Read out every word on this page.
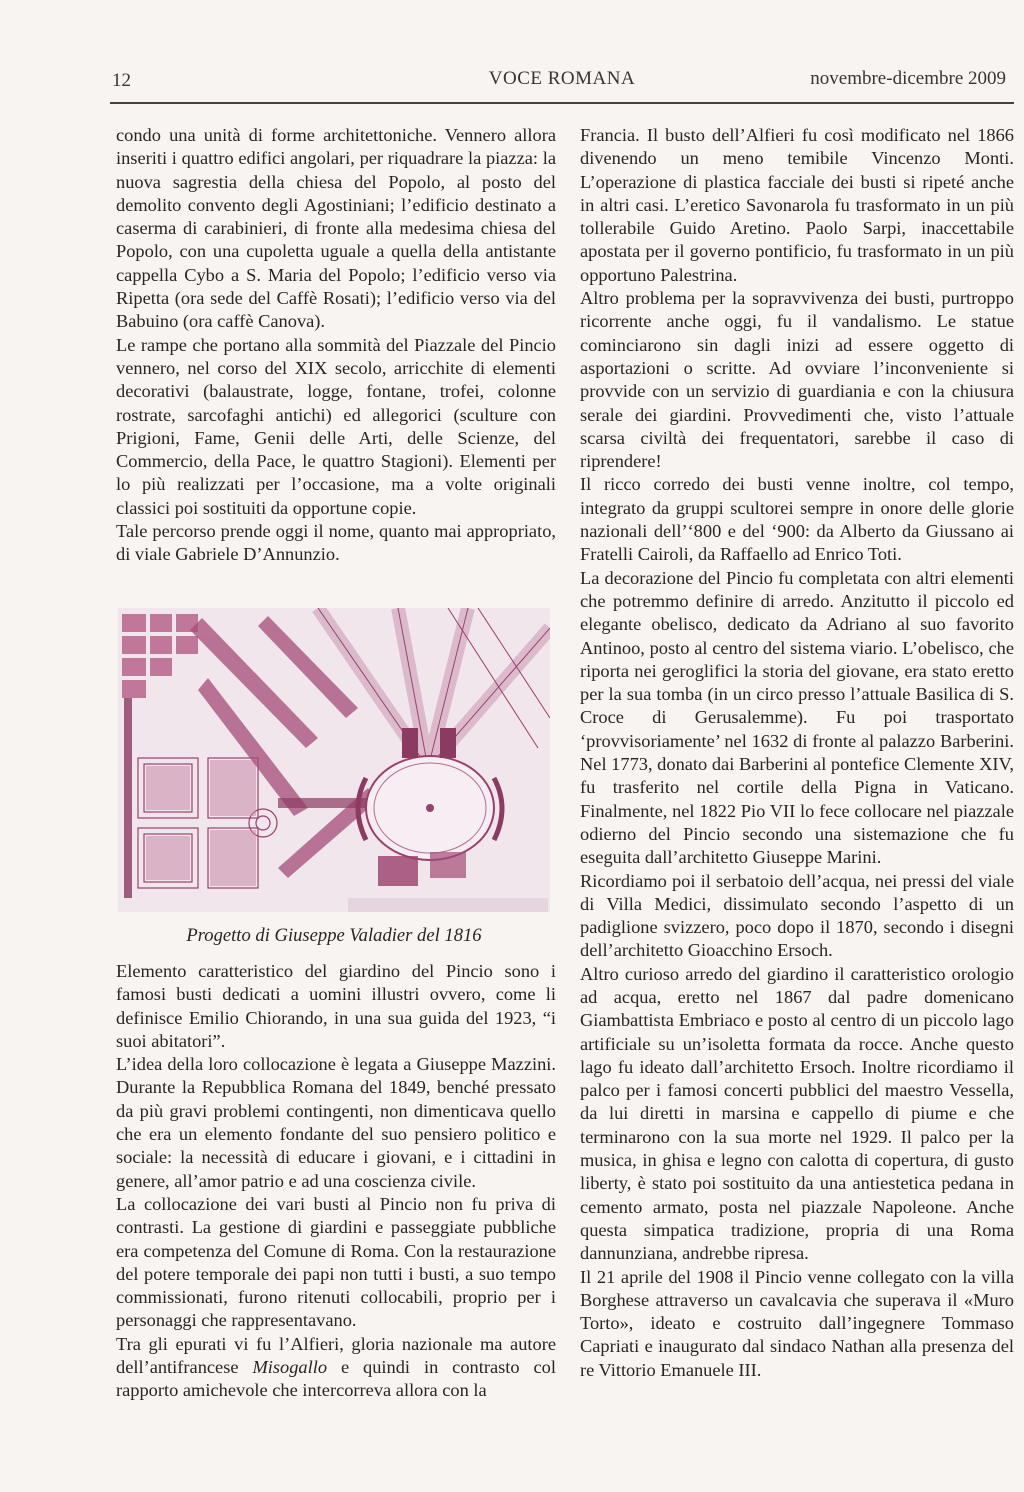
12	VOCE ROMANA	novembre-dicembre 2009

condo una unità di forme architettoniche. Vennero allora inseriti i quattro edifici angolari, per riquadrare la piazza: la nuova sagrestia della chiesa del Popolo, al posto del demolito convento degli Agostiniani; l’edificio destinato a caserma di carabinieri, di fronte alla medesima chiesa del Popolo, con una cupoletta uguale a quella della antistante cappella Cybo a S. Maria del Popolo; l’edificio verso via Ripetta (ora sede del Caffè Rosati); l’edificio verso via del Babuino (ora caffè Canova).

Le rampe che portano alla sommità del Piazzale del Pincio vennero, nel corso del XIX secolo, arricchite di elementi decorativi (balaustrate, logge, fontane, trofei, colonne rostrate, sarcofaghi antichi) ed allegorici (sculture con Prigioni, Fame, Genii delle Arti, delle Scienze, del Commercio, della Pace, le quattro Stagioni). Elementi per lo più realizzati per l’occasione, ma a volte originali classici poi sostituiti da opportune copie.

Tale percorso prende oggi il nome, quanto mai appropriato, di viale Gabriele D’Annunzio.

Progetto di Giuseppe Valadier del 1816

Elemento caratteristico del giardino del Pincio sono i famosi busti dedicati a uomini illustri ovvero, come li definisce Emilio Chiorando, in una sua guida del 1923, “i suoi abitatori”.

L’idea della loro collocazione è legata a Giuseppe Mazzini. Durante la Repubblica Romana del 1849, benché pressato da più gravi problemi contingenti, non dimenticava quello che era un elemento fondante del suo pensiero politico e sociale: la necessità di educare i giovani, e i cittadini in genere, all’amor patrio e ad una coscienza civile.

La collocazione dei vari busti al Pincio non fu priva di contrasti. La gestione di giardini e passeggiate pubbliche era competenza del Comune di Roma. Con la restaurazione del potere temporale dei papi non tutti i busti, a suo tempo commissionati, furono ritenuti collocabili, proprio per i personaggi che rappresentavano.

Tra gli epurati vi fu l’Alfieri, gloria nazionale ma autore dell’antifrancese Misogallo e quindi in contrasto col rapporto amichevole che intercorreva allora con la

Francia. Il busto dell’Alfieri fu così modificato nel 1866 divenendo un meno temibile Vincenzo Monti. L’operazione di plastica facciale dei busti si ripeté anche in altri casi. L’eretico Savonarola fu trasformato in un più tollerabile Guido Aretino. Paolo Sarpi, inaccettabile apostata per il governo pontificio, fu trasformato in un più opportuno Palestrina.

Altro problema per la sopravvivenza dei busti, purtroppo ricorrente anche oggi, fu il vandalismo. Le statue cominciarono sin dagli inizi ad essere oggetto di asportazioni o scritte. Ad ovviare l’inconveniente si provvide con un servizio di guardiania e con la chiusura serale dei giardini. Provvedimenti che, visto l’attuale scarsa civiltà dei frequentatori, sarebbe il caso di riprendere!

Il ricco corredo dei busti venne inoltre, col tempo, integrato da gruppi scultorei sempre in onore delle glorie nazionali dell’‘800 e del ‘900: da Alberto da Giussano ai Fratelli Cairoli, da Raffaello ad Enrico Toti.

La decorazione del Pincio fu completata con altri elementi che potremmo definire di arredo. Anzitutto il piccolo ed elegante obelisco, dedicato da Adriano al suo favorito Antinoo, posto al centro del sistema viario. L’obelisco, che riporta nei geroglifici la storia del giovane, era stato eretto per la sua tomba (in un circo presso l’attuale Basilica di S. Croce di Gerusalemme). Fu poi trasportato ‘provvisoriamente’ nel 1632 di fronte al palazzo Barberini. Nel 1773, donato dai Barberini al pontefice Clemente XIV, fu trasferito nel cortile della Pigna in Vaticano. Finalmente, nel 1822 Pio VII lo fece collocare nel piazzale odierno del Pincio secondo una sistemazione che fu eseguita dall’architetto Giuseppe Marini.

Ricordiamo poi il serbatoio dell’acqua, nei pressi del viale di Villa Medici, dissimulato secondo l’aspetto di un padiglione svizzero, poco dopo il 1870, secondo i disegni dell’architetto Gioacchino Ersoch.

Altro curioso arredo del giardino il caratteristico orologio ad acqua, eretto nel 1867 dal padre domenicano Giambattista Embriaco e posto al centro di un piccolo lago artificiale su un’isoletta formata da rocce. Anche questo lago fu ideato dall’architetto Ersoch. Inoltre ricordiamo il palco per i famosi concerti pubblici del maestro Vessella, da lui diretti in marsina e cappello di piume e che terminarono con la sua morte nel 1929. Il palco per la musica, in ghisa e legno con calotta di copertura, di gusto liberty, è stato poi sostituito da una antiestetica pedana in cemento armato, posta nel piazzale Napoleone. Anche questa simpatica tradizione, propria di una Roma dannunziana, andrebbe ripresa.

Il 21 aprile del 1908 il Pincio venne collegato con la villa Borghese attraverso un cavalcavia che superava il «Muro Torto», ideato e costruito dall’ingegnere Tommaso Capriati e inaugurato dal sindaco Nathan alla presenza del re Vittorio Emanuele III.
